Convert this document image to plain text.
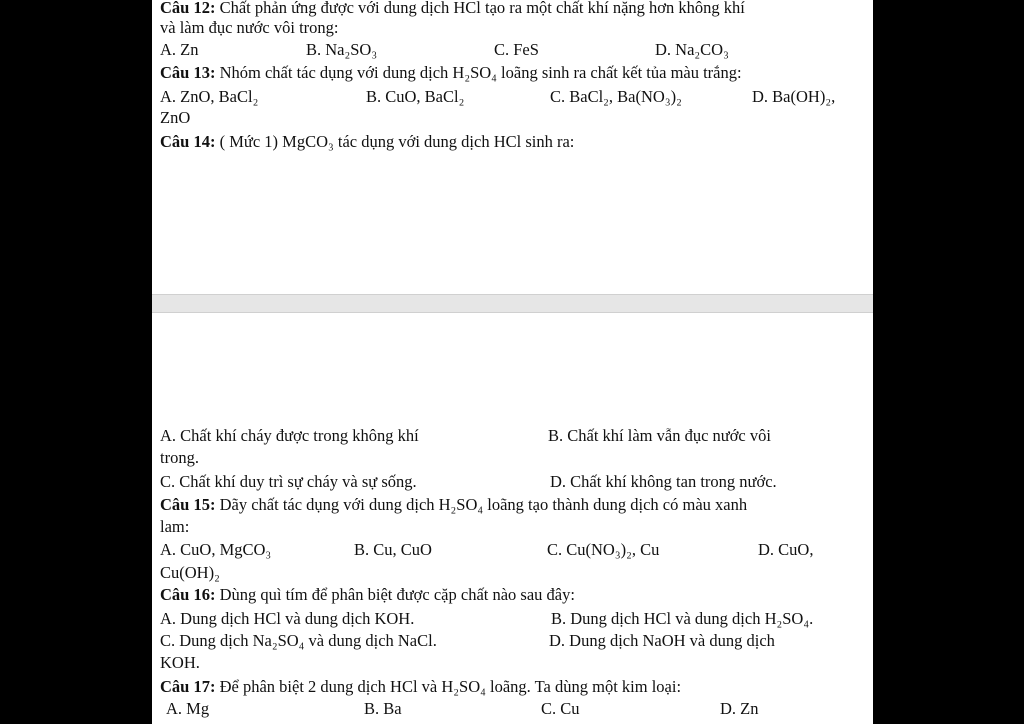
Câu 12: Chất phản ứng được với dung dịch HCl tạo ra một chất khí nặng hơn không khí
và làm đục nước vôi trong:
A. Zn	B. Na₂SO₃	C. FeS	D. Na₂CO₃
Câu 13: Nhóm chất tác dụng với dung dịch H₂SO₄ loãng sinh ra chất kết tủa màu trắng:
A. ZnO, BaCl₂	B. CuO, BaCl₂	C. BaCl₂, Ba(NO₃)₂	D. Ba(OH)₂,
ZnO
Câu 14: ( Mức 1) MgCO₃ tác dụng với dung dịch HCl sinh ra:
A. Chất khí cháy được trong không khí	B. Chất khí làm vẫn đục nước vôi
trong.
C. Chất khí duy trì sự cháy và sự sống.	D. Chất khí không tan trong nước.
Câu 15: Dãy chất tác dụng với dung dịch H₂SO₄ loãng tạo thành dung dịch có màu xanh
lam:
A. CuO, MgCO₃	B. Cu, CuO	C. Cu(NO₃)₂, Cu	D. CuO,
Cu(OH)₂
Câu 16: Dùng quì tím để phân biệt được cặp chất nào sau đây:
A. Dung dịch HCl và dung dịch KOH.	B. Dung dịch HCl và dung dịch H₂SO₄.
C. Dung dịch Na₂SO₄ và dung dịch NaCl.	D. Dung dịch NaOH và dung dịch
KOH.
Câu 17: Để phân biệt 2 dung dịch HCl và H₂SO₄ loãng. Ta dùng một kim loại:
A. Mg	B. Ba	C. Cu	D. Zn
